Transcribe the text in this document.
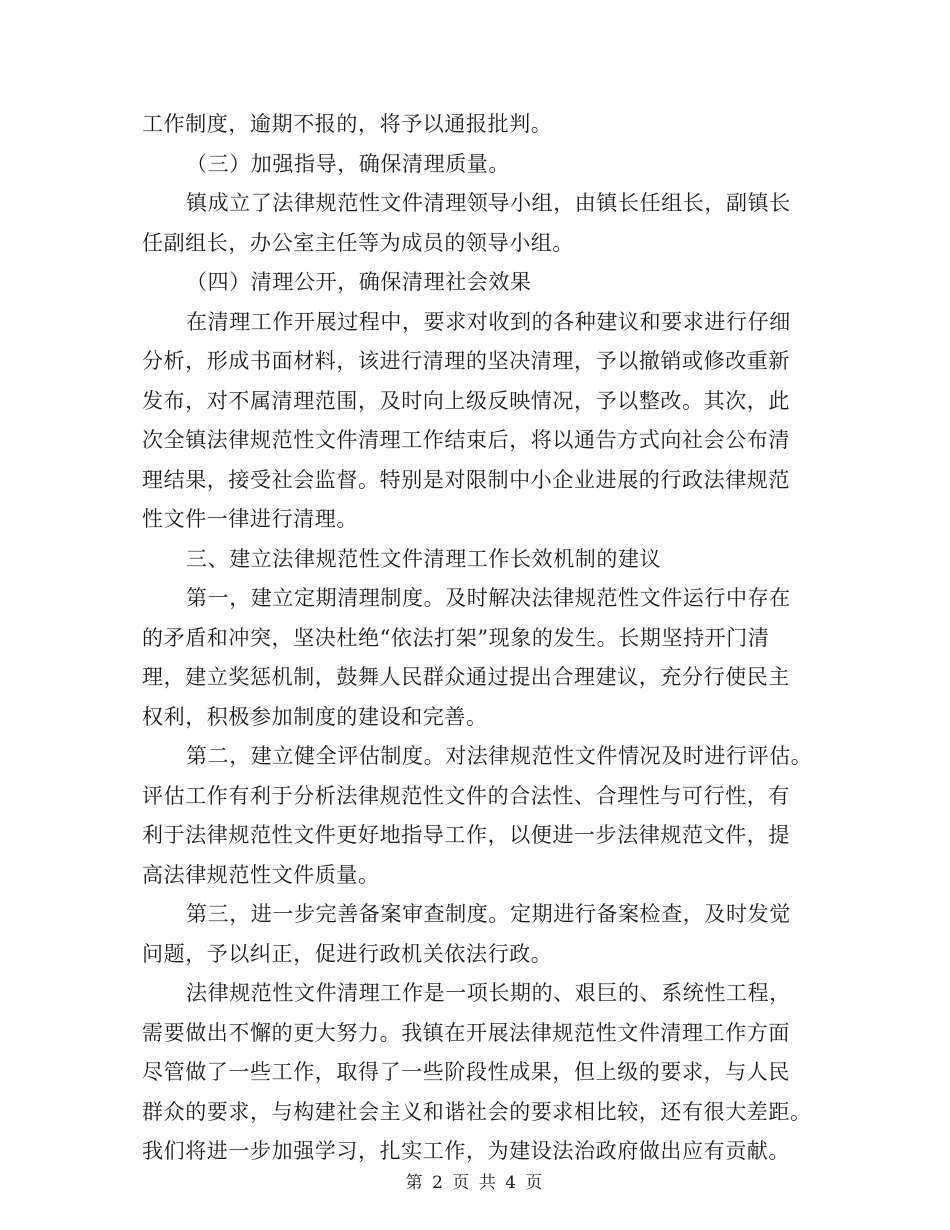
工作制度，逾期不报的，将予以通报批判。
（三）加强指导，确保清理质量。
镇成立了法律规范性文件清理领导小组，由镇长任组长，副镇长
任副组长，办公室主任等为成员的领导小组。
（四）清理公开，确保清理社会效果
在清理工作开展过程中，要求对收到的各种建议和要求进行仔细
分析，形成书面材料，该进行清理的坚决清理，予以撤销或修改重新
发布，对不属清理范围，及时向上级反映情况，予以整改。其次，此
次全镇法律规范性文件清理工作结束后，将以通告方式向社会公布清
理结果，接受社会监督。特别是对限制中小企业进展的行政法律规范
性文件一律进行清理。
三、建立法律规范性文件清理工作长效机制的建议
第一，建立定期清理制度。及时解决法律规范性文件运行中存在
的矛盾和冲突，坚决杜绝“依法打架”现象的发生。长期坚持开门清
理，建立奖惩机制，鼓舞人民群众通过提出合理建议，充分行使民主
权利，积极参加制度的建设和完善。
第二，建立健全评估制度。对法律规范性文件情况及时进行评估。
评估工作有利于分析法律规范性文件的合法性、合理性与可行性，有
利于法律规范性文件更好地指导工作，以便进一步法律规范文件，提
高法律规范性文件质量。
第三，进一步完善备案审查制度。定期进行备案检查，及时发觉
问题，予以纠正，促进行政机关依法行政。
法律规范性文件清理工作是一项长期的、艰巨的、系统性工程，
需要做出不懈的更大努力。我镇在开展法律规范性文件清理工作方面
尽管做了一些工作，取得了一些阶段性成果，但上级的要求，与人民
群众的要求，与构建社会主义和谐社会的要求相比较，还有很大差距。
我们将进一步加强学习，扎实工作，为建设法治政府做出应有贡献。
第 2 页 共 4 页
